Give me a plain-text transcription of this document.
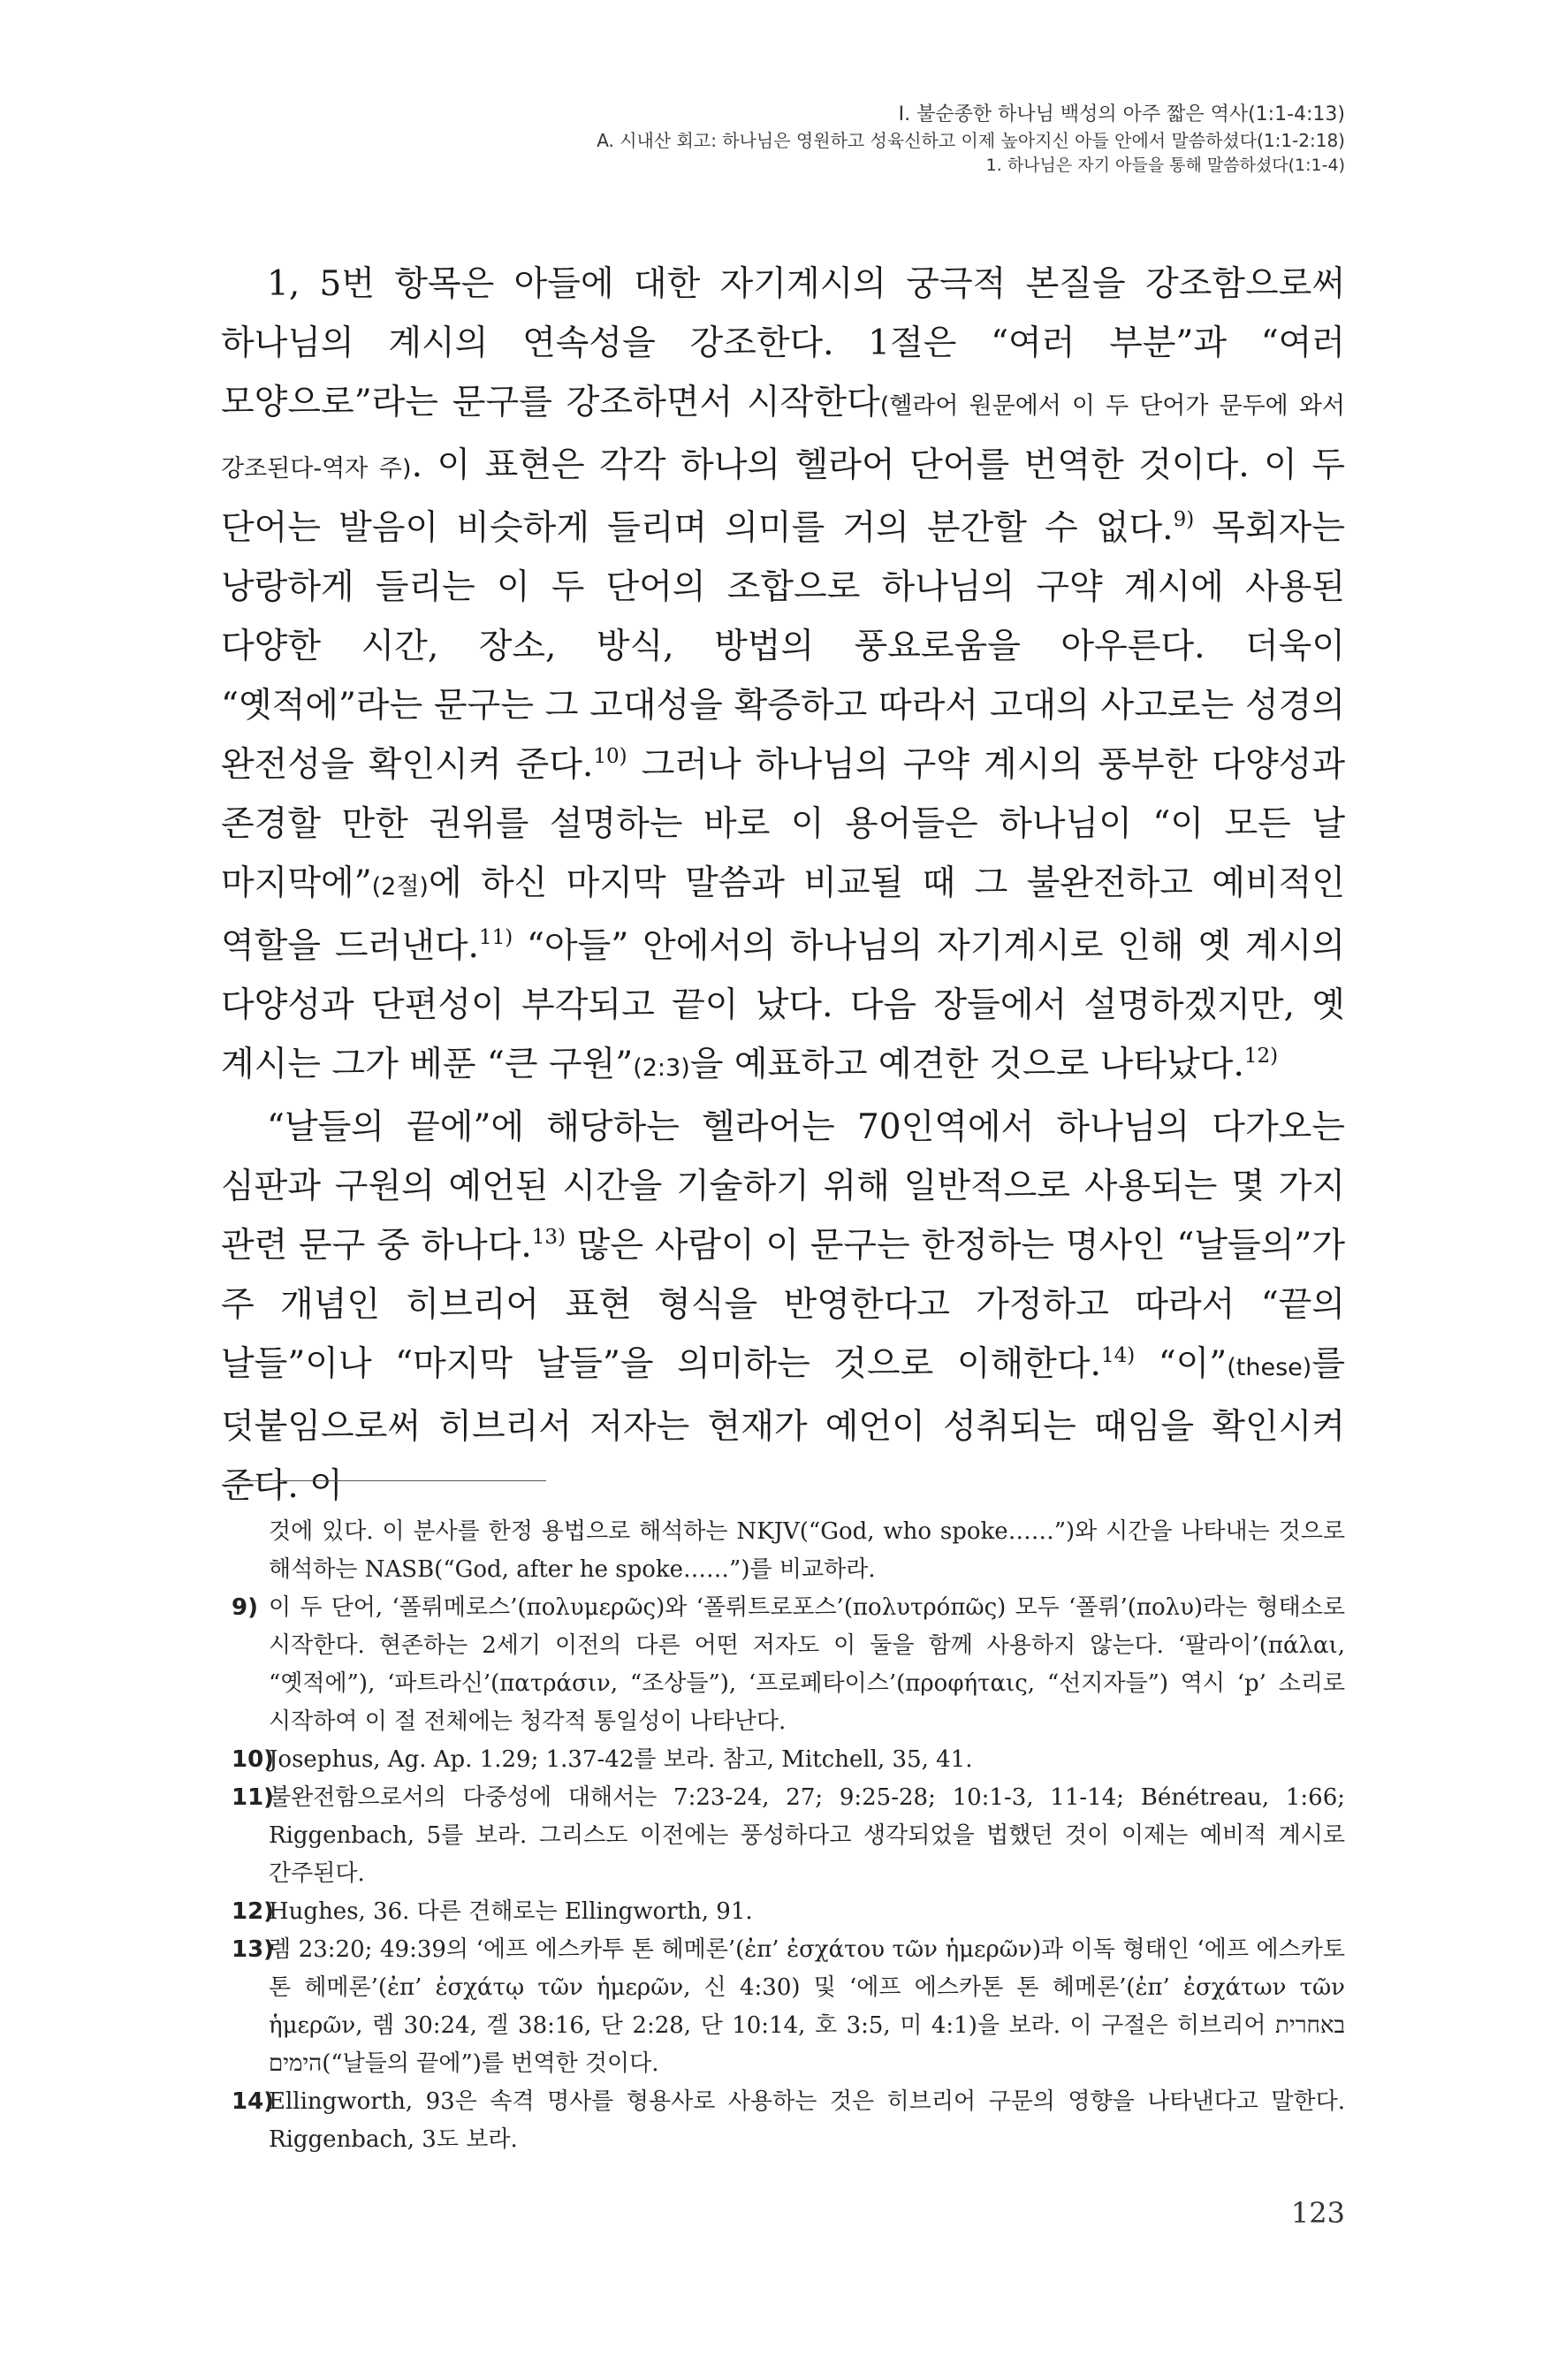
I. 불순종한 하나님 백성의 아주 짧은 역사(1:1-4:13)
A. 시내산 회고: 하나님은 영원하고 성육신하고 이제 높아지신 아들 안에서 말씀하셨다(1:1-2:18)
1. 하나님은 자기 아들을 통해 말씀하셨다(1:1-4)

1, 5번 항목은 아들에 대한 자기계시의 궁극적 본질을 강조함으로써 하나님의 계시의 연속성을 강조한다. 1절은 “여러 부분”과 “여러 모양으로”라는 문구를 강조하면서 시작한다(헬라어 원문에서 이 두 단어가 문두에 와서 강조된다-역자 주). 이 표현은 각각 하나의 헬라어 단어를 번역한 것이다. 이 두 단어는 발음이 비슷하게 들리며 의미를 거의 분간할 수 없다.$^{9)}$ 목회자는 낭랑하게 들리는 이 두 단어의 조합으로 하나님의 구약 계시에 사용된 다양한 시간, 장소, 방식, 방법의 풍요로움을 아우른다. 더욱이 “옛적에”라는 문구는 그 고대성을 확증하고 따라서 고대의 사고로는 성경의 완전성을 확인시켜 준다.$^{10)}$ 그러나 하나님의 구약 계시의 풍부한 다양성과 존경할 만한 권위를 설명하는 바로 이 용어들은 하나님이 “이 모든 날 마지막에”(2절)에 하신 마지막 말씀과 비교될 때 그 불완전하고 예비적인 역할을 드러낸다.$^{11)}$ “아들” 안에서의 하나님의 자기계시로 인해 옛 계시의 다양성과 단편성이 부각되고 끝이 났다. 다음 장들에서 설명하겠지만, 옛 계시는 그가 베푼 “큰 구원”(2:3)을 예표하고 예견한 것으로 나타났다.$^{12)}$

“날들의 끝에”에 해당하는 헬라어는 70인역에서 하나님의 다가오는 심판과 구원의 예언된 시간을 기술하기 위해 일반적으로 사용되는 몇 가지 관련 문구 중 하나다.$^{13)}$ 많은 사람이 이 문구는 한정하는 명사인 “날들의”가 주 개념인 히브리어 표현 형식을 반영한다고 가정하고 따라서 “끝의 날들”이나 “마지막 날들”을 의미하는 것으로 이해한다.$^{14)}$ “이”(these)를 덧붙임으로써 히브리서 저자는 현재가 예언이 성취되는 때임을 확인시켜 준다. 이

것에 있다. 이 분사를 한정 용법으로 해석하는 NKJV(“God, who spoke……”)와 시간을 나타내는 것으로 해석하는 NASB(“God, after he spoke……”)를 비교하라.
9) 이 두 단어, ‘폴뤼메로스’(πολυμερῶς)와 ‘폴뤼트로포스’(πολυτρόπῶς) 모두 ‘폴뤼’(πολυ)라는 형태소로 시작한다. 현존하는 2세기 이전의 다른 어떤 저자도 이 둘을 함께 사용하지 않는다. ‘팔라이’(πάλαι, “옛적에”), ‘파트라신’(πατράσιν, “조상들”), ‘프로페타이스’(προφήταις, “선지자들”) 역시 ‘p’ 소리로 시작하여 이 절 전체에는 청각적 통일성이 나타난다.
10)
Josephus, Ag. Ap. 1.29; 1.37-42를 보라. 참고, Mitchell, 35, 41.
11)
불완전함으로서의 다중성에 대해서는 7:23-24, 27; 9:25-28; 10:1-3, 11-14; Bénétreau, 1:66; Riggenbach, 5를 보라. 그리스도 이전에는 풍성하다고 생각되었을 법했던 것이 이제는 예비적 계시로 간주된다.
12)
Hughes, 36. 다른 견해로는 Ellingworth, 91.
13)
렘 23:20; 49:39의 ‘에프 에스카투 톤 헤메론’(ἐπ’ ἐσχάτου τῶν ἡμερῶν)과 이독 형태인 ‘에프 에스카토 톤 헤메론’(ἐπ’ ἐσχάτῳ τῶν ἡμερῶν, 신 4:30) 및 ‘에프 에스카톤 톤 헤메론’(ἐπ’ ἐσχάτων τῶν ἡμερῶν, 렘 30:24, 겔 38:16, 단 2:28, 단 10:14, 호 3:5, 미 4:1)을 보라. 이 구절은 히브리어 באחרית הימים(“날들의 끝에”)를 번역한 것이다.
14)
Ellingworth, 93은 속격 명사를 형용사로 사용하는 것은 히브리어 구문의 영향을 나타낸다고 말한다. Riggenbach, 3도 보라.
123
